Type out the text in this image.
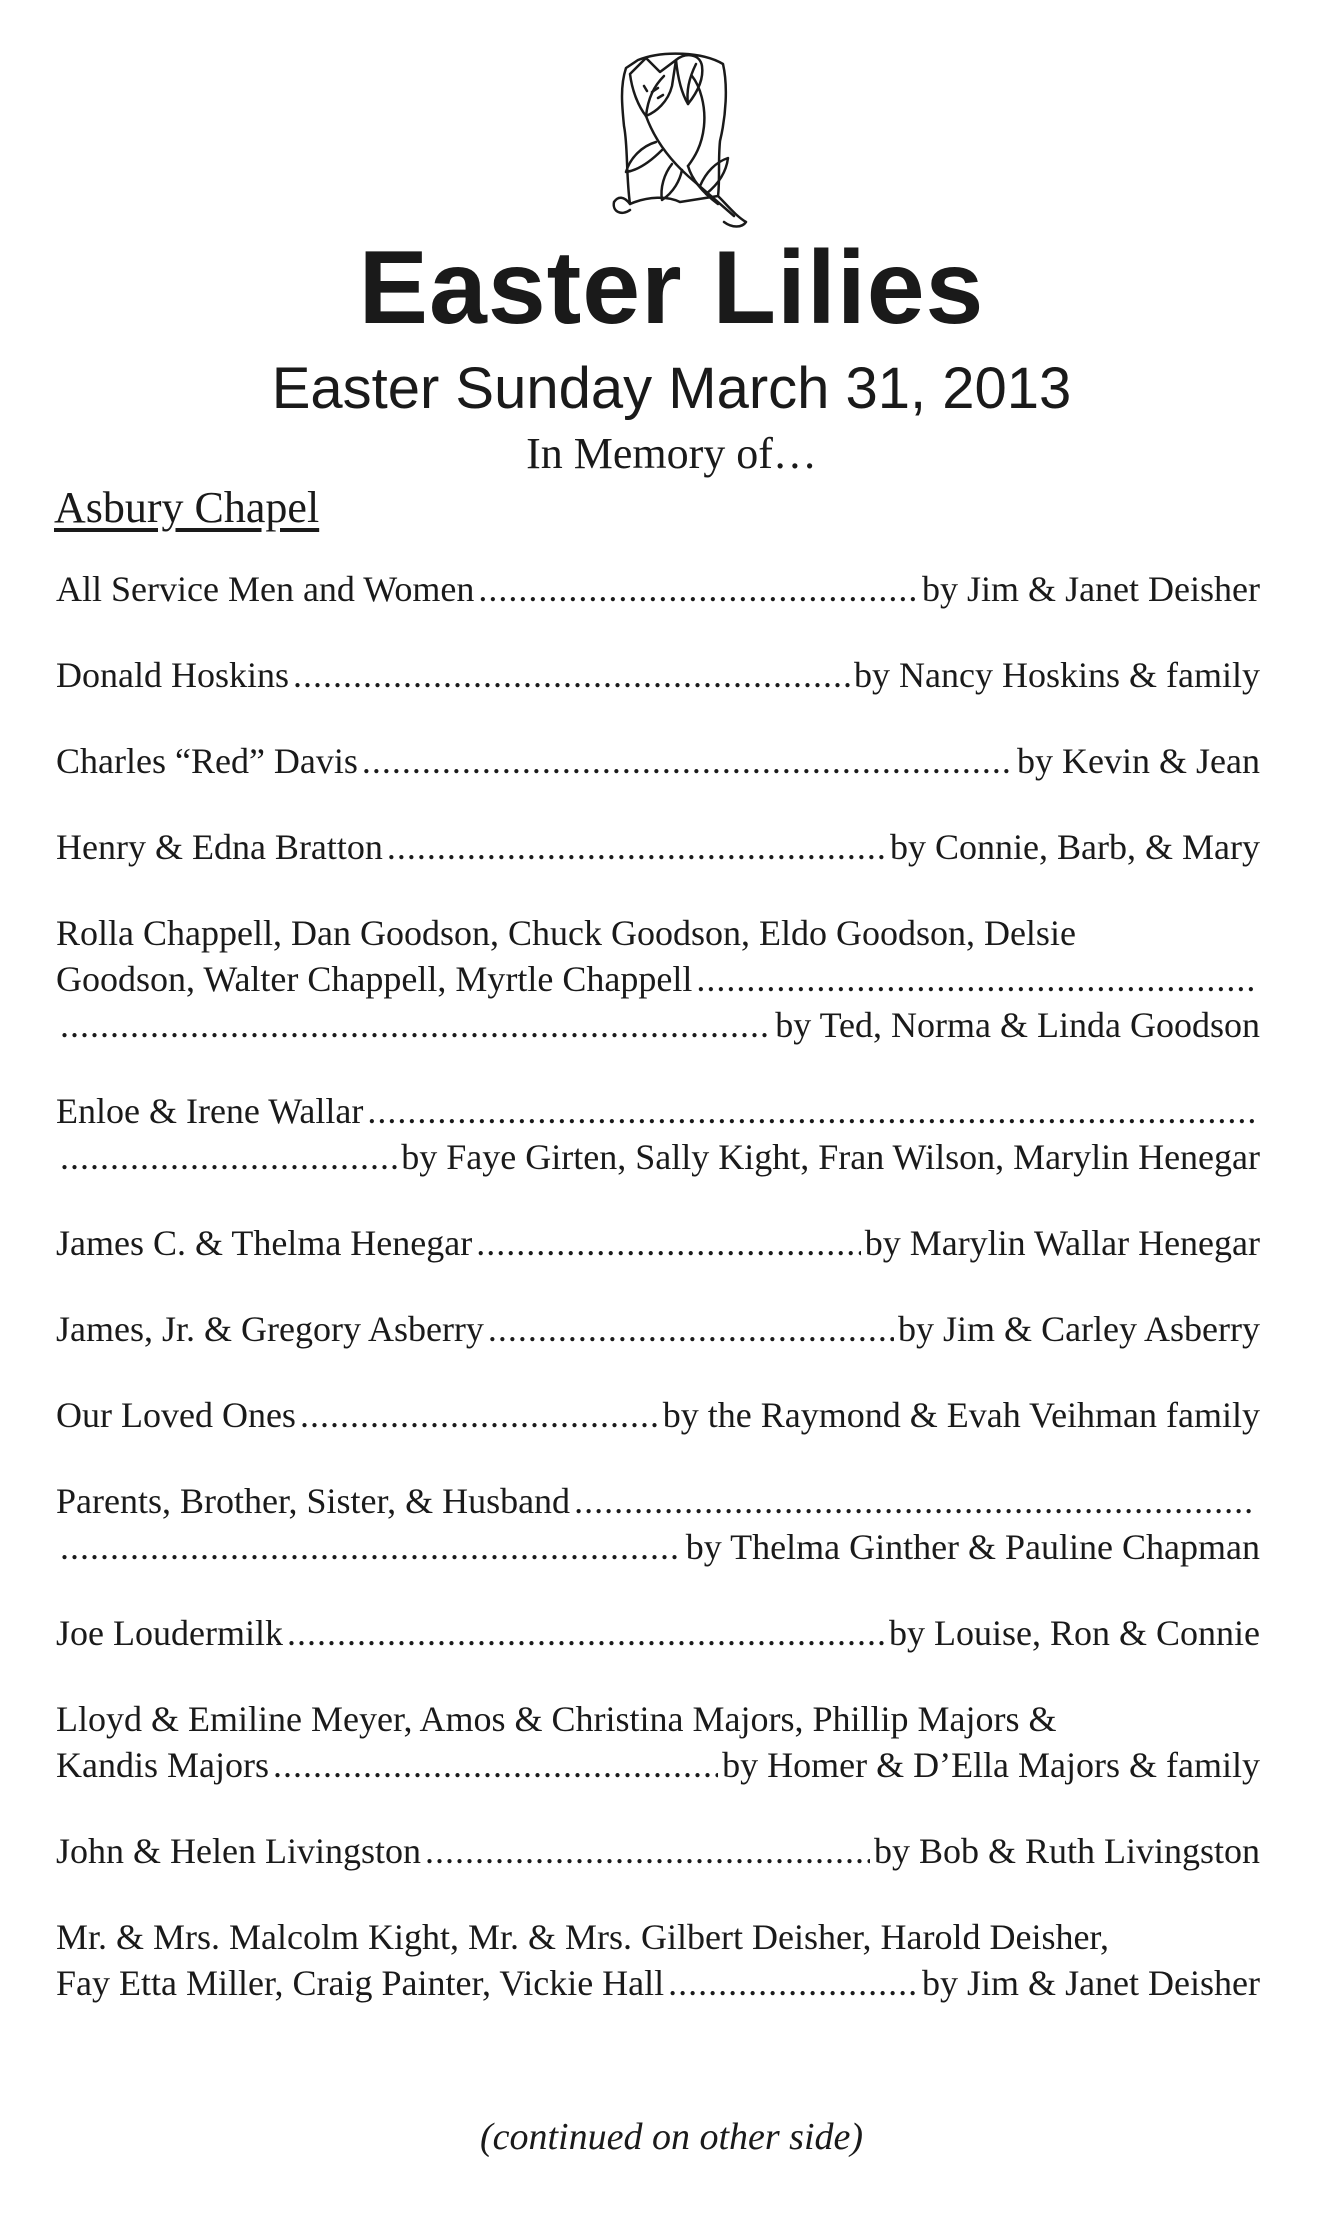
Easter Lilies
Easter Sunday March 31, 2013
In Memory of…
Asbury Chapel
All Service Men and Women .....	by Jim & Janet Deisher
Donald Hoskins .....	by Nancy Hoskins & family
Charles “Red” Davis .....	by Kevin & Jean
Henry & Edna Bratton .....	by Connie, Barb, & Mary
Rolla Chappell, Dan Goodson, Chuck Goodson, Eldo Goodson, Delsie
Goodson, Walter Chappell, Myrtle Chappell
.....
.....
by Ted, Norma & Linda Goodson
Enloe & Irene Wallar
.....
.....
by Faye Girten, Sally Kight, Fran Wilson, Marylin Henegar
James C. & Thelma Henegar .....	by Marylin Wallar Henegar
James, Jr. & Gregory Asberry .....	by Jim & Carley Asberry
Our Loved Ones .....	by the Raymond & Evah Veihman family
Parents, Brother, Sister, & Husband
.....
.....
by Thelma Ginther & Pauline Chapman
Joe Loudermilk .....	by Louise, Ron & Connie
Lloyd & Emiline Meyer, Amos & Christina Majors, Phillip Majors &
Kandis Majors .....	by Homer & D’Ella Majors & family
John & Helen Livingston .....	by Bob & Ruth Livingston
Mr. & Mrs. Malcolm Kight, Mr. & Mrs. Gilbert Deisher, Harold Deisher,
Fay Etta Miller, Craig Painter, Vickie Hall .....	by Jim & Janet Deisher
(continued on other side)
